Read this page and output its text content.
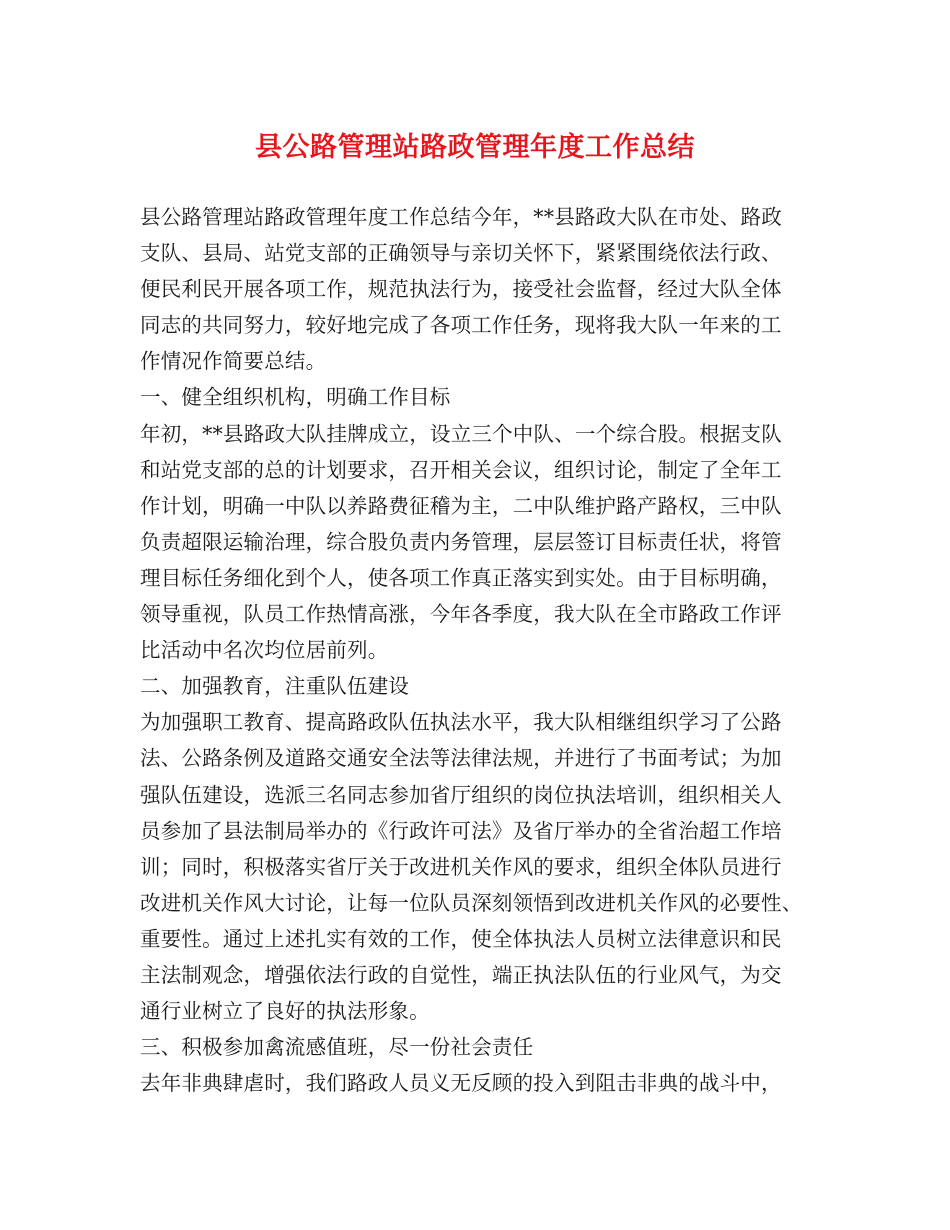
县公路管理站路政管理年度工作总结
县公路管理站路政管理年度工作总结今年，**县路政大队在市处、路政
支队、县局、站党支部的正确领导与亲切关怀下，紧紧围绕依法行政、
便民利民开展各项工作，规范执法行为，接受社会监督，经过大队全体
同志的共同努力，较好地完成了各项工作任务，现将我大队一年来的工
作情况作简要总结。
一、健全组织机构，明确工作目标
年初，**县路政大队挂牌成立，设立三个中队、一个综合股。根据支队
和站党支部的总的计划要求，召开相关会议，组织讨论，制定了全年工
作计划，明确一中队以养路费征稽为主，二中队维护路产路权，三中队
负责超限运输治理，综合股负责内务管理，层层签订目标责任状，将管
理目标任务细化到个人，使各项工作真正落实到实处。由于目标明确，
领导重视，队员工作热情高涨，今年各季度，我大队在全市路政工作评
比活动中名次均位居前列。
二、加强教育，注重队伍建设
为加强职工教育、提高路政队伍执法水平，我大队相继组织学习了公路
法、公路条例及道路交通安全法等法律法规，并进行了书面考试；为加
强队伍建设，选派三名同志参加省厅组织的岗位执法培训，组织相关人
员参加了县法制局举办的《行政许可法》及省厅举办的全省治超工作培
训；同时，积极落实省厅关于改进机关作风的要求，组织全体队员进行
改进机关作风大讨论，让每一位队员深刻领悟到改进机关作风的必要性、
重要性。通过上述扎实有效的工作，使全体执法人员树立法律意识和民
主法制观念，增强依法行政的自觉性，端正执法队伍的行业风气，为交
通行业树立了良好的执法形象。
三、积极参加禽流感值班，尽一份社会责任
去年非典肆虐时，我们路政人员义无反顾的投入到阻击非典的战斗中，
